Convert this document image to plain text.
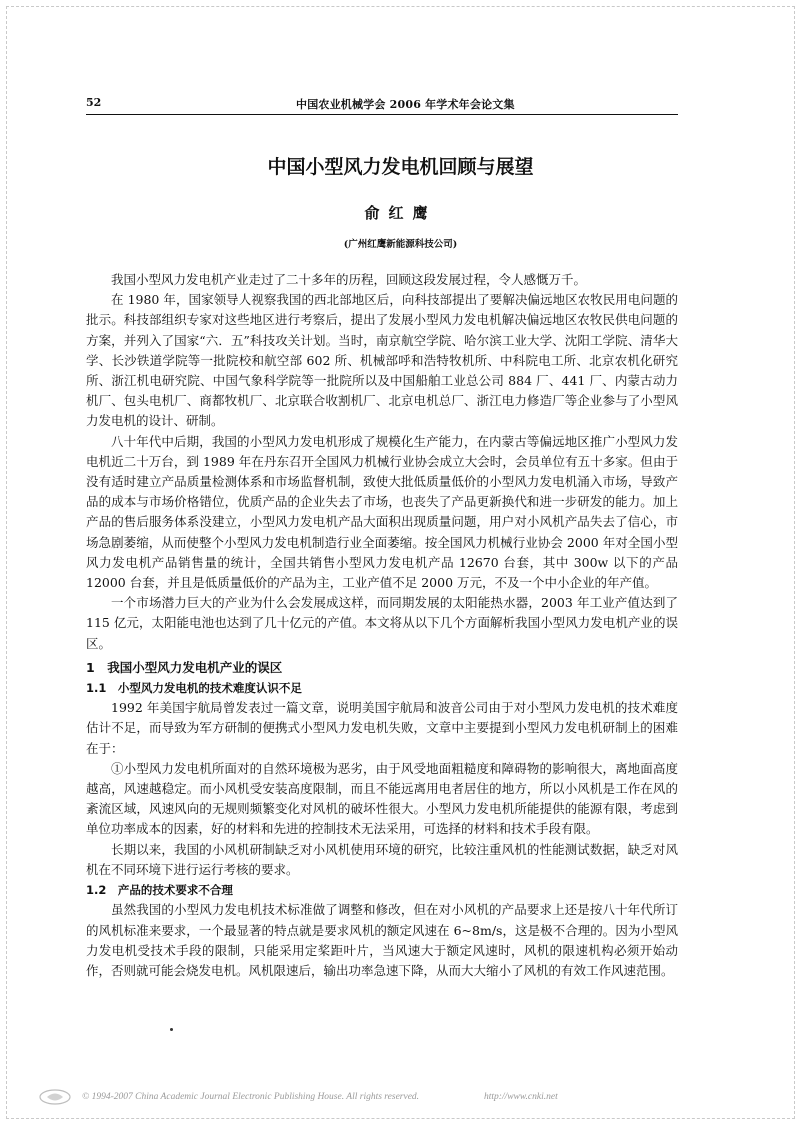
52	中国农业机械学会 2006 年学术年会论文集
中国小型风力发电机回顾与展望
俞红鹰
(广州红鹰新能源科技公司)

我国小型风力发电机产业走过了二十多年的历程，回顾这段发展过程，令人感慨万千。

在 1980 年，国家领导人视察我国的西北部地区后，向科技部提出了要解决偏远地区农牧民用电问题的批示。科技部组织专家对这些地区进行考察后，提出了发展小型风力发电机解决偏远地区农牧民供电问题的方案，并列入了国家“六．五”科技攻关计划。当时，南京航空学院、哈尔滨工业大学、沈阳工学院、清华大学、长沙铁道学院等一批院校和航空部 602 所、机械部呼和浩特牧机所、中科院电工所、北京农机化研究所、浙江机电研究院、中国气象科学院等一批院所以及中国船舶工业总公司 884 厂、441 厂、内蒙古动力机厂、包头电机厂、商都牧机厂、北京联合收割机厂、北京电机总厂、浙江电力修造厂等企业参与了小型风力发电机的设计、研制。

八十年代中后期，我国的小型风力发电机形成了规模化生产能力，在内蒙古等偏远地区推广小型风力发电机近二十万台，到 1989 年在丹东召开全国风力机械行业协会成立大会时，会员单位有五十多家。但由于没有适时建立产品质量检测体系和市场监督机制，致使大批低质量低价的小型风力发电机涌入市场，导致产品的成本与市场价格错位，优质产品的企业失去了市场，也丧失了产品更新换代和进一步研发的能力。加上产品的售后服务体系没建立，小型风力发电机产品大面积出现质量问题，用户对小风机产品失去了信心，市场急剧萎缩，从而使整个小型风力发电机制造行业全面萎缩。按全国风力机械行业协会 2000 年对全国小型风力发电机产品销售量的统计，全国共销售小型风力发电机产品 12670 台套，其中 300w 以下的产品 12000 台套，并且是低质量低价的产品为主，工业产值不足 2000 万元，不及一个中小企业的年产值。

一个市场潜力巨大的产业为什么会发展成这样，而同期发展的太阳能热水器，2003 年工业产值达到了 115 亿元，太阳能电池也达到了几十亿元的产值。本文将从以下几个方面解析我国小型风力发电机产业的误区。

1　我国小型风力发电机产业的误区

1.1　小型风力发电机的技术难度认识不足

1992 年美国宇航局曾发表过一篇文章，说明美国宇航局和波音公司由于对小型风力发电机的技术难度估计不足，而导致为军方研制的便携式小型风力发电机失败，文章中主要提到小型风力发电机研制上的困难在于：

①小型风力发电机所面对的自然环境极为恶劣，由于风受地面粗糙度和障碍物的影响很大，离地面高度越高，风速越稳定。而小风机受安装高度限制，而且不能远离用电者居住的地方，所以小风机是工作在风的紊流区域，风速风向的无规则频繁变化对风机的破坏性很大。小型风力发电机所能提供的能源有限，考虑到单位功率成本的因素，好的材料和先进的控制技术无法采用，可选择的材料和技术手段有限。

长期以来，我国的小风机研制缺乏对小风机使用环境的研究，比较注重风机的性能测试数据，缺乏对风机在不同环境下进行运行考核的要求。

1.2　产品的技术要求不合理

虽然我国的小型风力发电机技术标准做了调整和修改，但在对小风机的产品要求上还是按八十年代所订的风机标准来要求，一个最显著的特点就是要求风机的额定风速在 6~8m/s，这是极不合理的。因为小型风力发电机受技术手段的限制，只能采用定桨距叶片，当风速大于额定风速时，风机的限速机构必须开始动作，否则就可能会烧发电机。风机限速后，输出功率急速下降，从而大大缩小了风机的有效工作风速范围。

© 1994-2007 China Academic Journal Electronic Publishing House. All rights reserved.	http://www.cnki.net
